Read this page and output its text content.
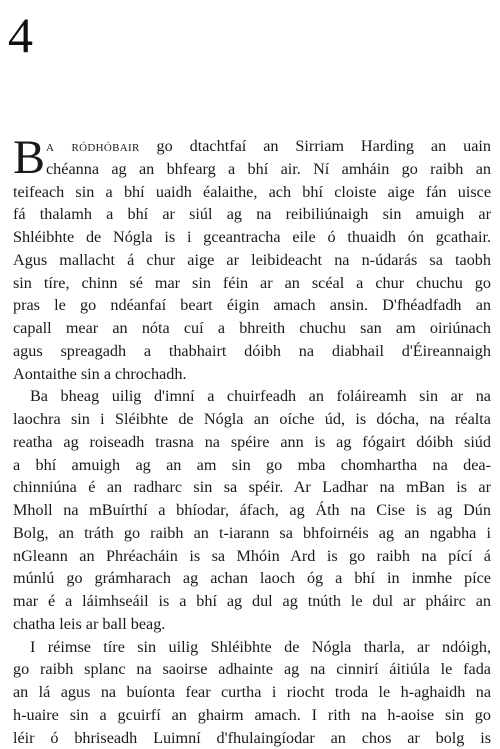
4
B a ródhóbair go dtachtfaí an Sirriam Harding an uain
chéanna ag an bhfearg a bhí air. Ní amháin go raibh an
teifeach sin a bhí uaidh éalaithe, ach bhí cloiste aige fán uisce
fá thalamh a bhí ar siúl ag na reibiliúnaigh sin amuigh ar
Shléibhte de Nógla is i gceantracha eile ó thuaidh ón gcathair.
Agus mallacht á chur aige ar leibideacht na n-údarás sa taobh
sin tíre, chinn sé mar sin féin ar an scéal a chur chuchu go
pras le go ndéanfaí beart éigin amach ansin. D'fhéadfadh an
capall mear an nóta cuí a bhreith chuchu san am oiriúnach
agus spreagadh a thabhairt dóibh na diabhail d'Éireannaigh
Aontaithe sin a chrochadh.
Ba bheag uilig d'imní a chuirfeadh an foláireamh sin ar na
laochra sin i Sléibhte de Nógla an oíche úd, is dócha, na réalta
reatha ag roiseadh trasna na spéire ann is ag fógairt dóibh siúd
a bhí amuigh ag an am sin go mba chomhartha na dea-
chinniúna é an radharc sin sa spéir. Ar Ladhar na mBan is ar
Mholl na mBuírthí a bhíodar, áfach, ag Áth na Cise is ag Dún
Bolg, an tráth go raibh an t-iarann sa bhfoirnéis ag an ngabha i
nGleann an Phréacháin is sa Mhóin Ard is go raibh na pící á
múnlú go grámharach ag achan laoch óg a bhí in inmhe píce
mar é a láimhseáil is a bhí ag dul ag tnúth le dul ar pháirc an
chatha leis ar ball beag.
I réimse tíre sin uilig Shléibhte de Nógla tharla, ar ndóigh,
go raibh splanc na saoirse adhainte ag na cinnirí áitiúla le fada
an lá agus na buíonta fear curtha i riocht troda le h-aghaidh na
h-uaire sin a gcuirfí an ghairm amach. I rith na h-aoise sin go
léir ó bhriseadh Luimní d'fhulaingíodar an chos ar bolg is
